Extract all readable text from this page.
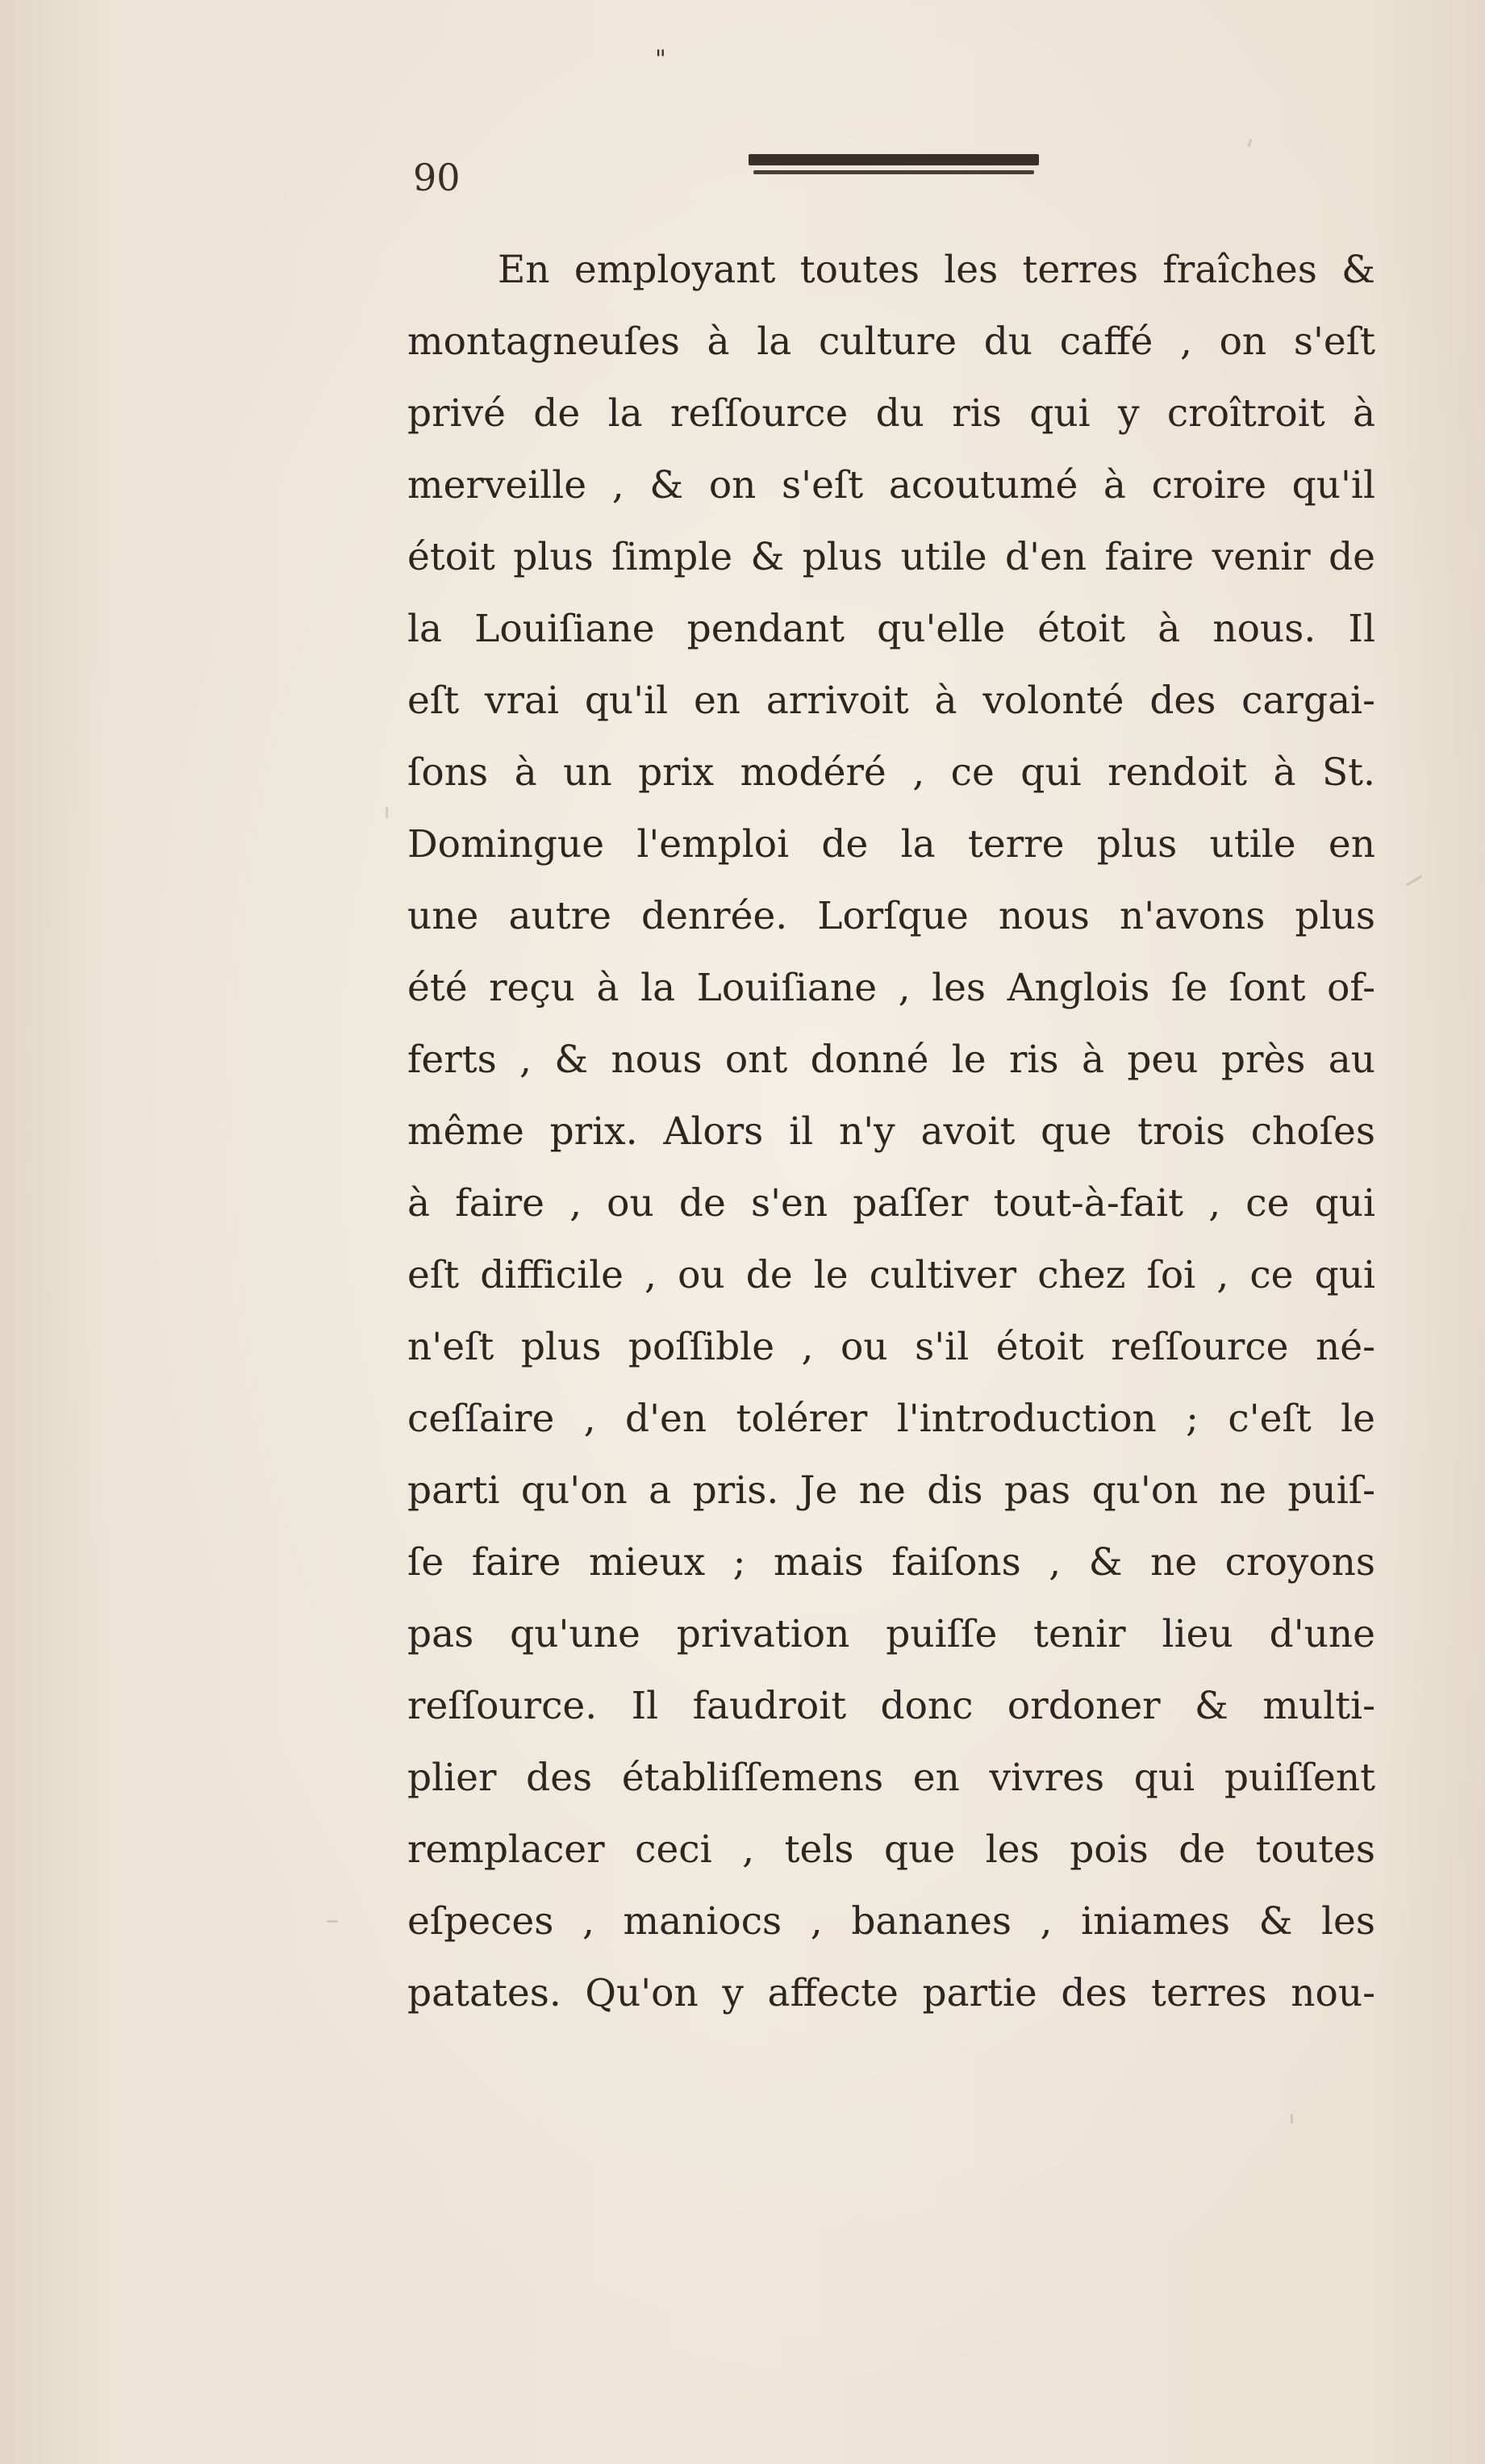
"
90
En employant toutes les terres fraîches &
montagneuſes à la culture du caffé , on s'eſt
privé de la reſſource du ris qui y croîtroit à
merveille , & on s'eſt acoutumé à croire qu'il
étoit plus ſimple & plus utile d'en faire venir de
la Louiſiane pendant qu'elle étoit à nous. Il
eſt vrai qu'il en arrivoit à volonté des cargai-
ſons à un prix modéré , ce qui rendoit à St.
Domingue l'emploi de la terre plus utile en
une autre denrée. Lorſque nous n'avons plus
été reçu à la Louiſiane , les Anglois ſe ſont of-
ferts , & nous ont donné le ris à peu près au
même prix. Alors il n'y avoit que trois choſes
à faire , ou de s'en paſſer tout-à-fait , ce qui
eſt difficile , ou de le cultiver chez ſoi , ce qui
n'eſt plus poſſible , ou s'il étoit reſſource né-
ceſſaire , d'en tolérer l'introduction ; c'eſt le
parti qu'on a pris. Je ne dis pas qu'on ne puiſ-
ſe faire mieux ; mais faiſons , & ne croyons
pas qu'une privation puiſſe tenir lieu d'une
reſſource. Il faudroit donc ordoner & multi-
plier des établiſſemens en vivres qui puiſſent
remplacer ceci , tels que les pois de toutes
eſpeces , maniocs , bananes , iniames & les
patates. Qu'on y affecte partie des terres nou-
